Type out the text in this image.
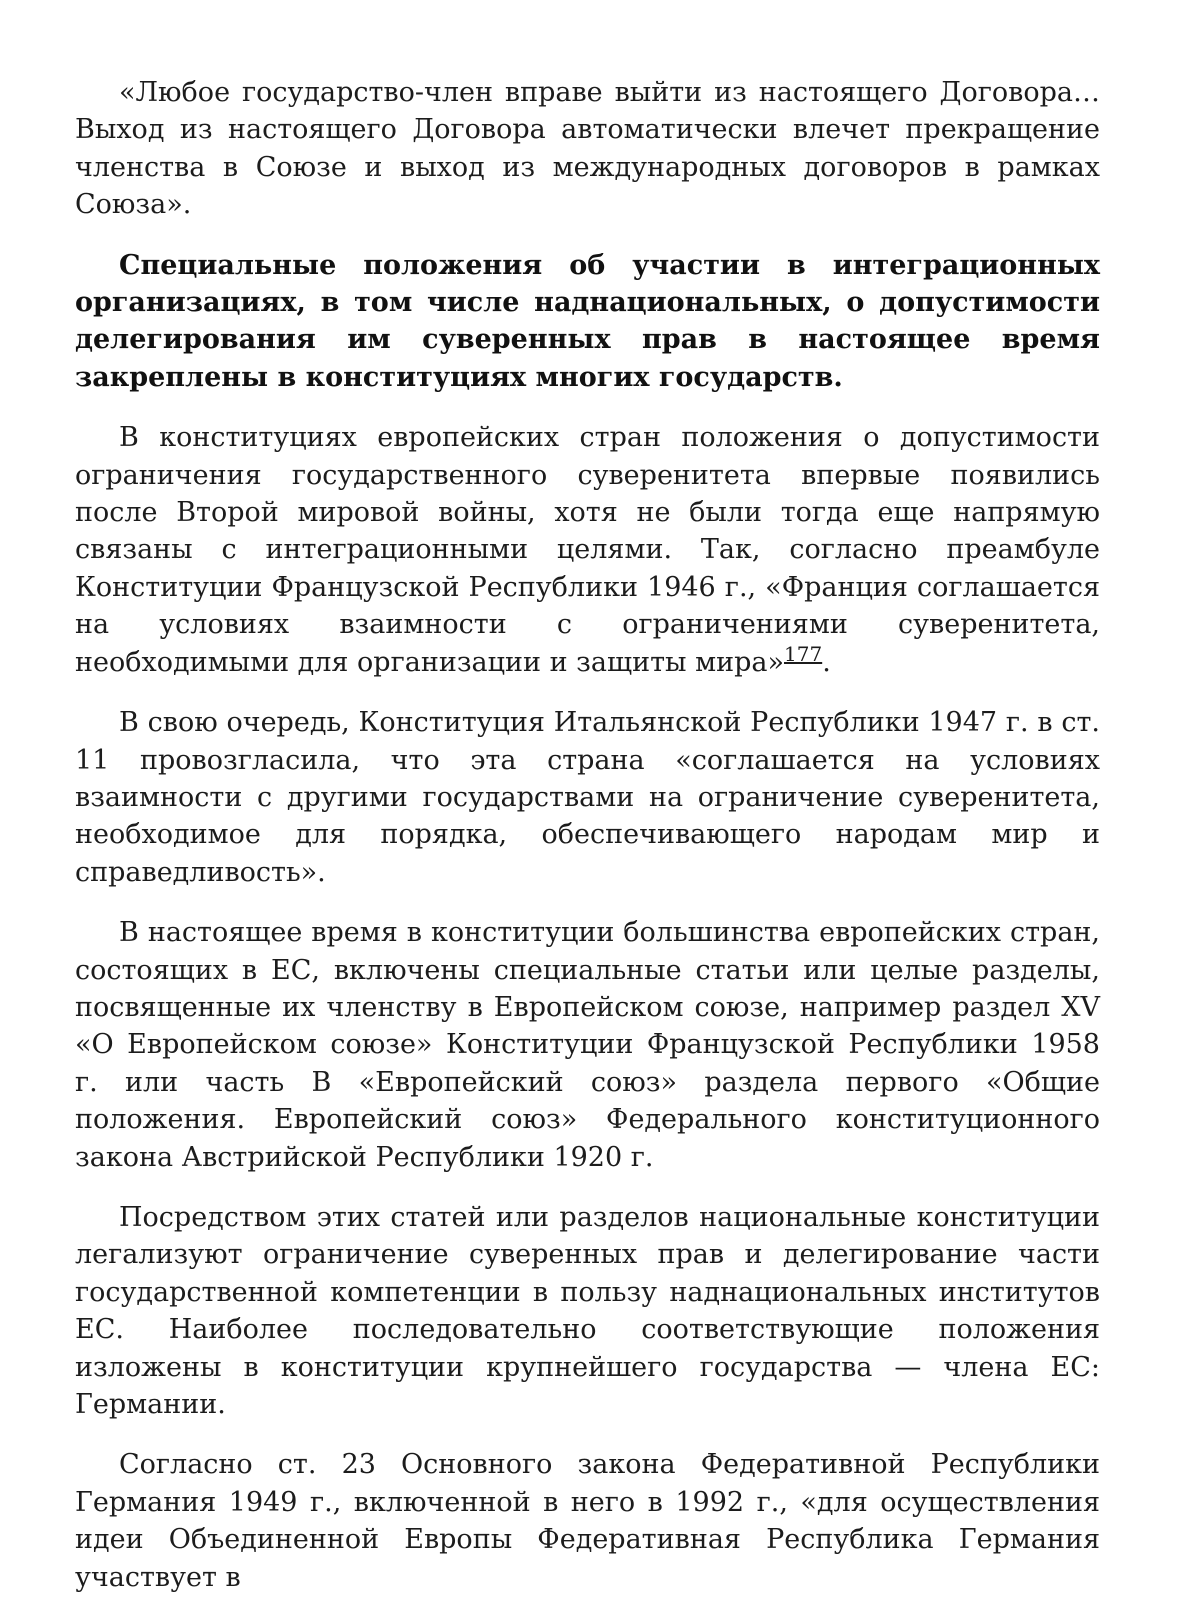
«Любое государство-член вправе выйти из настоящего Договора… Выход из настоящего Договора автоматически влечет прекращение членства в Союзе и выход из международных договоров в рамках Союза».

Специальные положения об участии в интеграционных организациях, в том числе наднациональных, о допустимости делегирования им суверенных прав в настоящее время закреплены в конституциях многих государств.

В конституциях европейских стран положения о допустимости ограничения государственного суверенитета впервые появились после Второй мировой войны, хотя не были тогда еще напрямую связаны с интеграционными целями. Так, согласно преамбуле Конституции Французской Республики 1946 г., «Франция соглашается на условиях взаимности с ограничениями суверенитета, необходимыми для организации и защиты мира»$^{177}$.

В свою очередь, Конституция Итальянской Республики 1947 г. в ст. 11 провозгласила, что эта страна «соглашается на условиях взаимности с другими государствами на ограничение суверенитета, необходимое для порядка, обеспечивающего народам мир и справедливость».

В настоящее время в конституции большинства европейских стран, состоящих в ЕС, включены специальные статьи или целые разделы, посвященные их членству в Европейском союзе, например раздел XV «О Европейском союзе» Конституции Французской Республики 1958 г. или часть B «Европейский союз» раздела первого «Общие положения. Европейский союз» Федерального конституционного закона Австрийской Республики 1920 г.

Посредством этих статей или разделов национальные конституции легализуют ограничение суверенных прав и делегирование части государственной компетенции в пользу наднациональных институтов ЕС. Наиболее последовательно соответствующие положения изложены в конституции крупнейшего государства — члена ЕС: Германии.

Согласно ст. 23 Основного закона Федеративной Республики Германия 1949 г., включенной в него в 1992 г., «для осуществления идеи Объединенной Европы Федеративная Республика Германия участвует в
